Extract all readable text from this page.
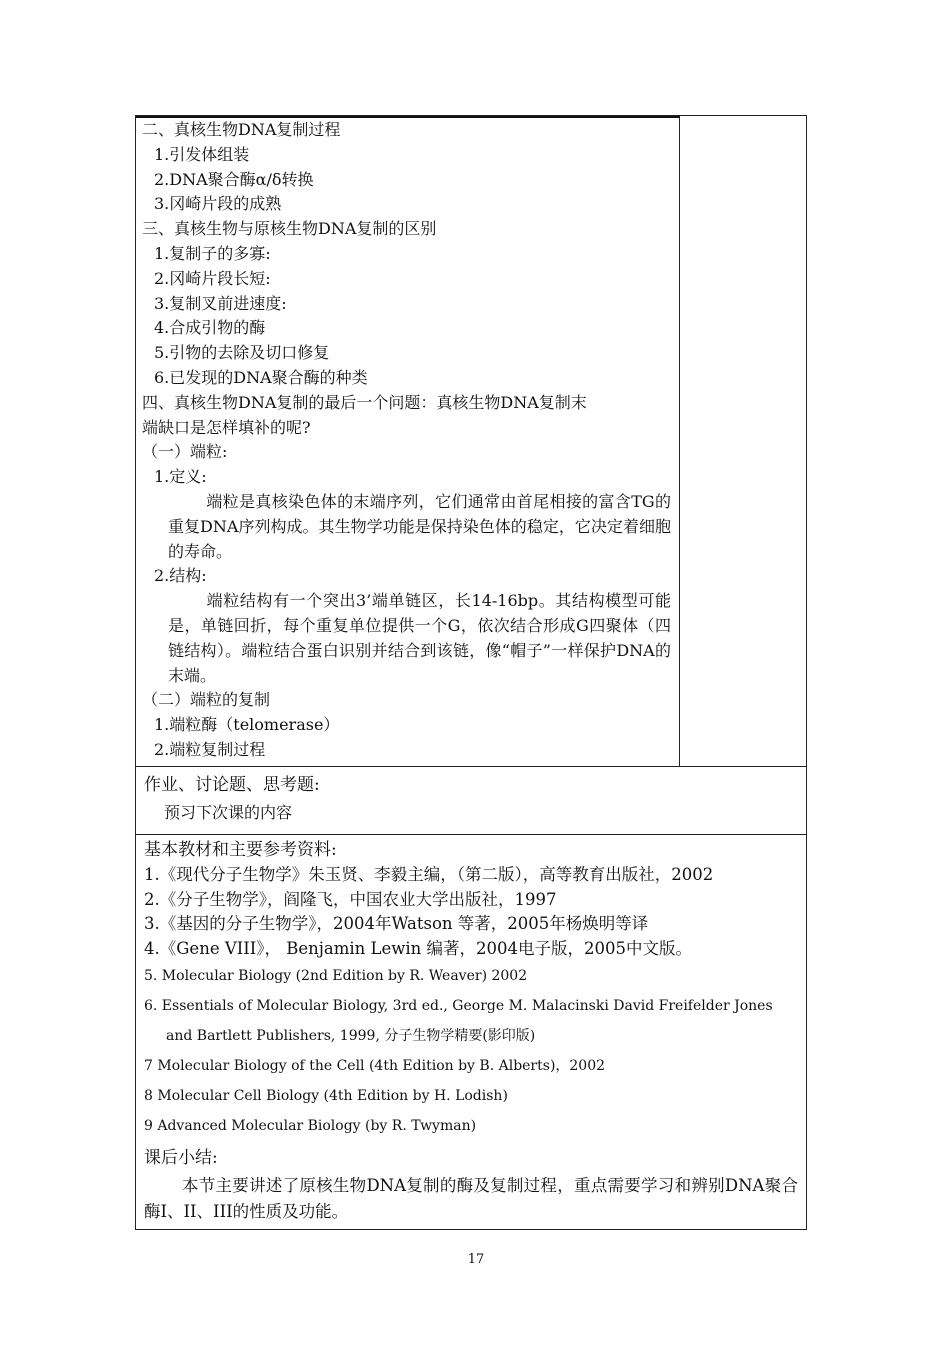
二、真核生物DNA复制过程
1.引发体组装
2.DNA聚合酶α/δ转换
3.冈崎片段的成熟
三、真核生物与原核生物DNA复制的区别
1.复制子的多寡:
2.冈崎片段长短:
3.复制叉前进速度:
4.合成引物的酶
5.引物的去除及切口修复
6.已发现的DNA聚合酶的种类
四、真核生物DNA复制的最后一个问题：真核生物DNA复制末
端缺口是怎样填补的呢?
（一）端粒:
1.定义:
端粒是真核染色体的末端序列，它们通常由首尾相接的富含TG的重复DNA序列构成。其生物学功能是保持染色体的稳定，它决定着细胞的寿命。
2.结构:
端粒结构有一个突出3’端单链区，长14-16bp。其结构模型可能是，单链回折，每个重复单位提供一个G，依次结合形成G四聚体（四链结构）。端粒结合蛋白识别并结合到该链，像“帽子”一样保护DNA的末端。
（二）端粒的复制
1.端粒酶（telomerase）
2.端粒复制过程
作业、讨论题、思考题:
预习下次课的内容
基本教材和主要参考资料:
1.《现代分子生物学》朱玉贤、李毅主编，（第二版），高等教育出版社，2002
2.《分子生物学》，阎隆飞，中国农业大学出版社，1997
3.《基因的分子生物学》，2004年Watson 等著，2005年杨焕明等译
4.《Gene VIII》， Benjamin Lewin 编著，2004电子版，2005中文版。
5. Molecular Biology (2nd Edition by R. Weaver) 2002
6. Essentials of Molecular Biology, 3rd ed., George M. Malacinski David Freifelder Jones and Bartlett Publishers, 1999, 分子生物学精要(影印版)
7 Molecular Biology of the Cell (4th Edition by B. Alberts)，2002
8 Molecular Cell Biology (4th Edition by H. Lodish)
9 Advanced Molecular Biology (by R. Twyman)
课后小结:
本节主要讲述了原核生物DNA复制的酶及复制过程，重点需要学习和辨别DNA聚合酶I、II、III的性质及功能。
17
